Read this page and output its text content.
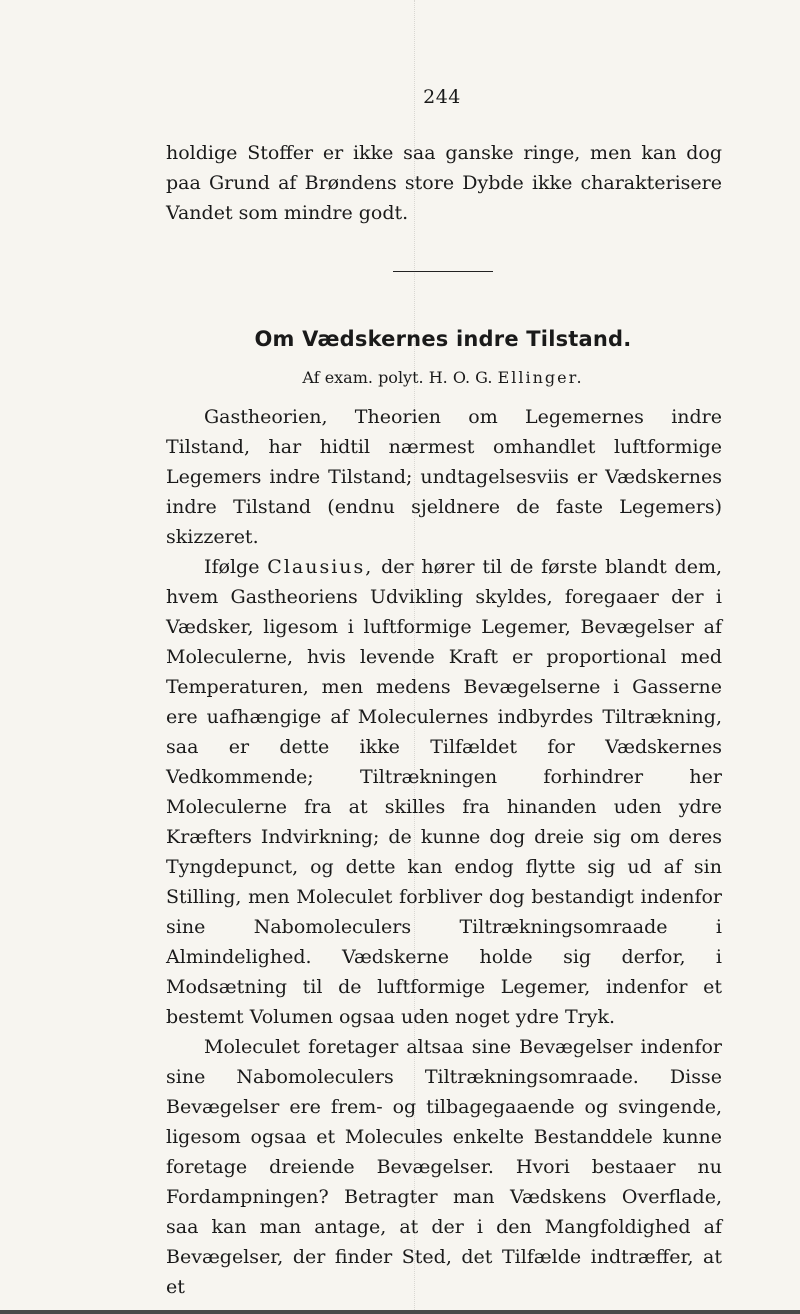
244

holdige Stoffer er ikke saa ganske ringe, men kan dog paa Grund af Brøndens store Dybde ikke charakterisere Vandet som mindre godt.

Om Vædskernes indre Tilstand.
Af exam. polyt. H. O. G. Ellinger.

Gastheorien, Theorien om Legemernes indre Tilstand, har hidtil nærmest omhandlet luftformige Legemers indre Tilstand; undtagelsesviis er Vædskernes indre Tilstand (endnu sjeldnere de faste Legemers) skizzeret.

Ifølge Clausius, der hører til de første blandt dem, hvem Gastheoriens Udvikling skyldes, foregaaer der i Vædsker, ligesom i luftformige Legemer, Bevægelser af Moleculerne, hvis levende Kraft er proportional med Temperaturen, men medens Bevægelserne i Gasserne ere uafhængige af Moleculernes indbyrdes Tiltrækning, saa er dette ikke Tilfældet for Vædskernes Vedkommende; Tiltrækningen forhindrer her Moleculerne fra at skilles fra hinanden uden ydre Kræfters Indvirkning; de kunne dog dreie sig om deres Tyngdepunct, og dette kan endog flytte sig ud af sin Stilling, men Moleculet forbliver dog bestandigt indenfor sine Nabomoleculers Tiltrækningsomraade i Almindelighed. Vædskerne holde sig derfor, i Modsætning til de luftformige Legemer, indenfor et bestemt Volumen ogsaa uden noget ydre Tryk.

Moleculet foretager altsaa sine Bevægelser indenfor sine Nabomoleculers Tiltrækningsomraade. Disse Bevægelser ere frem- og tilbagegaaende og svingende, ligesom ogsaa et Molecules enkelte Bestanddele kunne foretage dreiende Bevægelser. Hvori bestaaer nu Fordampningen? Betragter man Vædskens Overflade, saa kan man antage, at der i den Mangfoldighed af Bevægelser, der finder Sted, det Tilfælde indtræffer, at et
